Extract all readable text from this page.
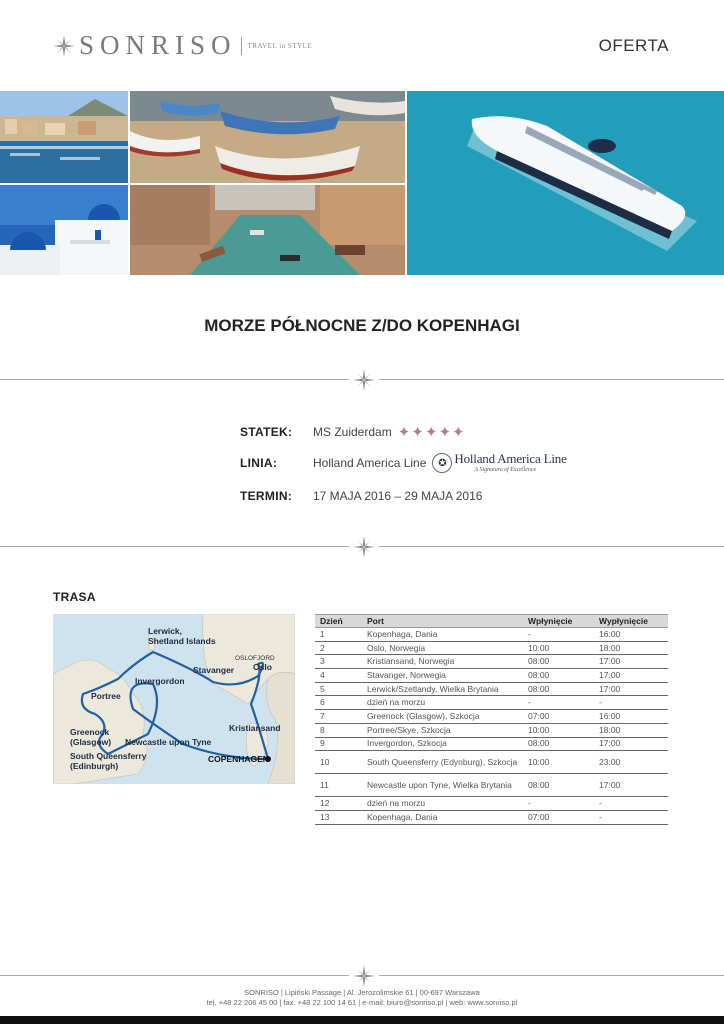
SONRISO TRAVEL in STYLE	OFERTA
MORZE PÓŁNOCNE Z/DO KOPENHAGI
STATEK:	MS Zuiderdam ✦ ✦ ✦ ✦ ✦
LINIA:	Holland America Line	✪ Holland America Line
A Signature of Excellence
TERMIN:	17 MAJA 2016 – 29 MAJA 2016
TRASA
Lerwick,
Shetland Islands
OSLOFJORD
Oslo
Stavanger
Invergordon
Portree
Kristiansand
Greenock
(Glasgow) Newcastle upon Tyne
South Queensferry
(Edinburgh)
COPENHAGEN
Dzień	Port	Wpłynięcie	Wypłynięcie
1	Kopenhaga, Dania	-	16:00
2	Oslo, Norwegia	10:00	18:00
3	Kristiansand, Norwegia	08:00	17:00
4	Stavanger, Norwegia	08:00	17:00
5	Lerwick/Szetlandy, Wielka Brytania	08:00	17:00
6	dzień na morzu	-	-
7	Greenock (Glasgow), Szkocja	07:00	16:00
8	Portree/Skye, Szkocja	10:00	18:00
9	Invergordon, Szkocja	08:00	17:00
10	South Queensferry (Edynburg), Szkocja	10:00	23:00
11	Newcastle upon Tyne, Wielka Brytania	08:00	17:00
12	dzień na morzu	-	-
13	Kopenhaga, Dania	07:00	-
SONRISO | Lipiński Passage | Al. Jerozolimskie 61 | 00-697 Warszawa
tel. +48 22 206 45 00 | fax. +48 22 100 14 61 | e-mail: biuro@sonriso.pl | web: www.sonriso.pl
